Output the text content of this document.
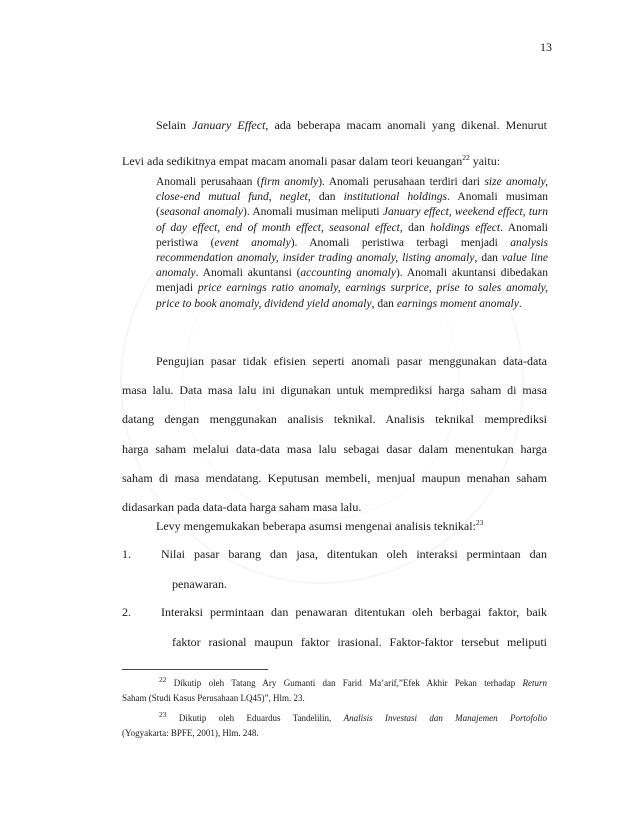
13
Selain January Effect, ada beberapa macam anomali yang dikenal. Menurut
Levi ada sedikitnya empat macam anomali pasar dalam teori keuangan$^{22}$ yaitu:
Anomali perusahaan (firm anomly). Anomali perusahaan terdiri dari size anomaly, close-end mutual fund, neglet, dan institutional holdings. Anomali musiman (seasonal anomaly). Anomali musiman meliputi January effect, weekend effect, turn of day effect, end of month effect, seasonal effect, dan holdings effect. Anomali peristiwa (event anomaly). Anomali peristiwa terbagi menjadi analysis recommendation anomaly, insider trading anomaly, listing anomaly, dan value line anomaly. Anomali akuntansi (accounting anomaly). Anomali akuntansi dibedakan menjadi price earnings ratio anomaly, earnings surprice, prise to sales anomaly, price to book anomaly, dividend yield anomaly, dan earnings moment anomaly.
Pengujian pasar tidak efisien seperti anomali pasar menggunakan data-data
masa lalu. Data masa lalu ini digunakan untuk memprediksi harga saham di masa
datang dengan menggunakan analisis teknikal. Analisis teknikal memprediksi
harga saham melalui data-data masa lalu sebagai dasar dalam menentukan harga
saham di masa mendatang. Keputusan membeli, menjual maupun menahan saham
didasarkan pada data-data harga saham masa lalu.
Levy mengemukakan beberapa asumsi mengenai analisis teknikal:$^{23}$
1.	Nilai pasar barang dan jasa, ditentukan oleh interaksi permintaan dan
penawaran.
2.	Interaksi permintaan dan penawaran ditentukan oleh berbagai faktor, baik
faktor rasional maupun faktor irasional. Faktor-faktor tersebut meliputi
$^{22}$ Dikutip oleh Tatang Ary Gumanti dan Farid Ma’arif,”Efek Akhir Pekan terhadap Return
Saham (Studi Kasus Perusahaan LQ45)”, Hlm. 23.
$^{23}$ Dikutip oleh Eduardus Tandelilin, Analisis Investasi dan Manajemen Portofolio
(Yogyakarta: BPFE, 2001), Hlm. 248.
